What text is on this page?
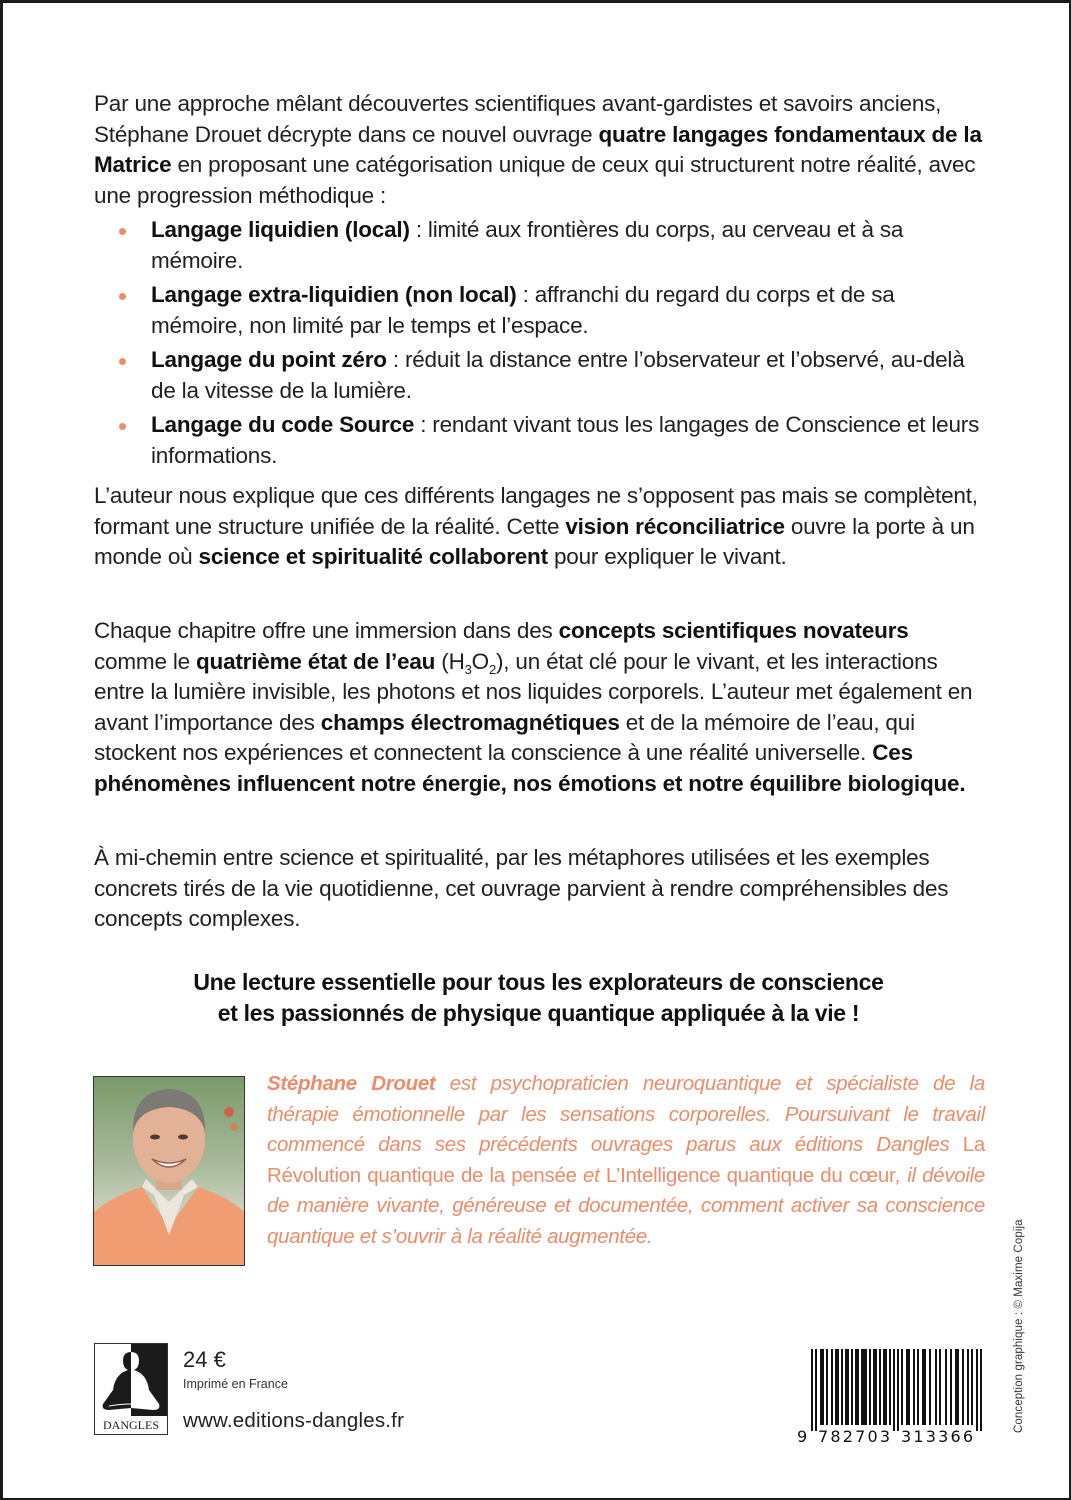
Par une approche mêlant découvertes scientifiques avant-gardistes et savoirs anciens, Stéphane Drouet décrypte dans ce nouvel ouvrage quatre langages fondamentaux de la Matrice en proposant une catégorisation unique de ceux qui structurent notre réalité, avec une progression méthodique :

Langage liquidien (local) : limité aux frontières du corps, au cerveau et à sa mémoire.
Langage extra-liquidien (non local) : affranchi du regard du corps et de sa mémoire, non limité par le temps et l’espace.
Langage du point zéro : réduit la distance entre l’observateur et l’observé, au-delà de la vitesse de la lumière.
Langage du code Source : rendant vivant tous les langages de Conscience et leurs informations.

L’auteur nous explique que ces différents langages ne s’opposent pas mais se complètent, formant une structure unifiée de la réalité. Cette vision réconciliatrice ouvre la porte à un monde où science et spiritualité collaborent pour expliquer le vivant.

Chaque chapitre offre une immersion dans des concepts scientifiques novateurs comme le quatrième état de l’eau $(H_3O_2)$, un état clé pour le vivant, et les interactions entre la lumière invisible, les photons et nos liquides corporels. L’auteur met également en avant l’importance des champs électromagnétiques et de la mémoire de l’eau, qui stockent nos expériences et connectent la conscience à une réalité universelle. Ces phénomènes influencent notre énergie, nos émotions et notre équilibre biologique.

À mi-chemin entre science et spiritualité, par les métaphores utilisées et les exemples concrets tirés de la vie quotidienne, cet ouvrage parvient à rendre compréhensibles des concepts complexes.

Une lecture essentielle pour tous les explorateurs de conscience
et les passionnés de physique quantique appliquée à la vie !

Stéphane Drouet est psychopraticien neuroquantique et spécialiste de la thérapie émotionnelle par les sensations corporelles. Poursuivant le travail commencé dans ses précédents ouvrages parus aux éditions Dangles La Révolution quantique de la pensée et L’Intelligence quantique du cœur, il dévoile de manière vivante, généreuse et documentée, comment activer sa conscience quantique et s’ouvrir à la réalité augmentée.	Conception graphique : © Maxime Copija
DANGLES
24 €
Imprimé en France
www.editions-dangles.fr
9 782703 313366
